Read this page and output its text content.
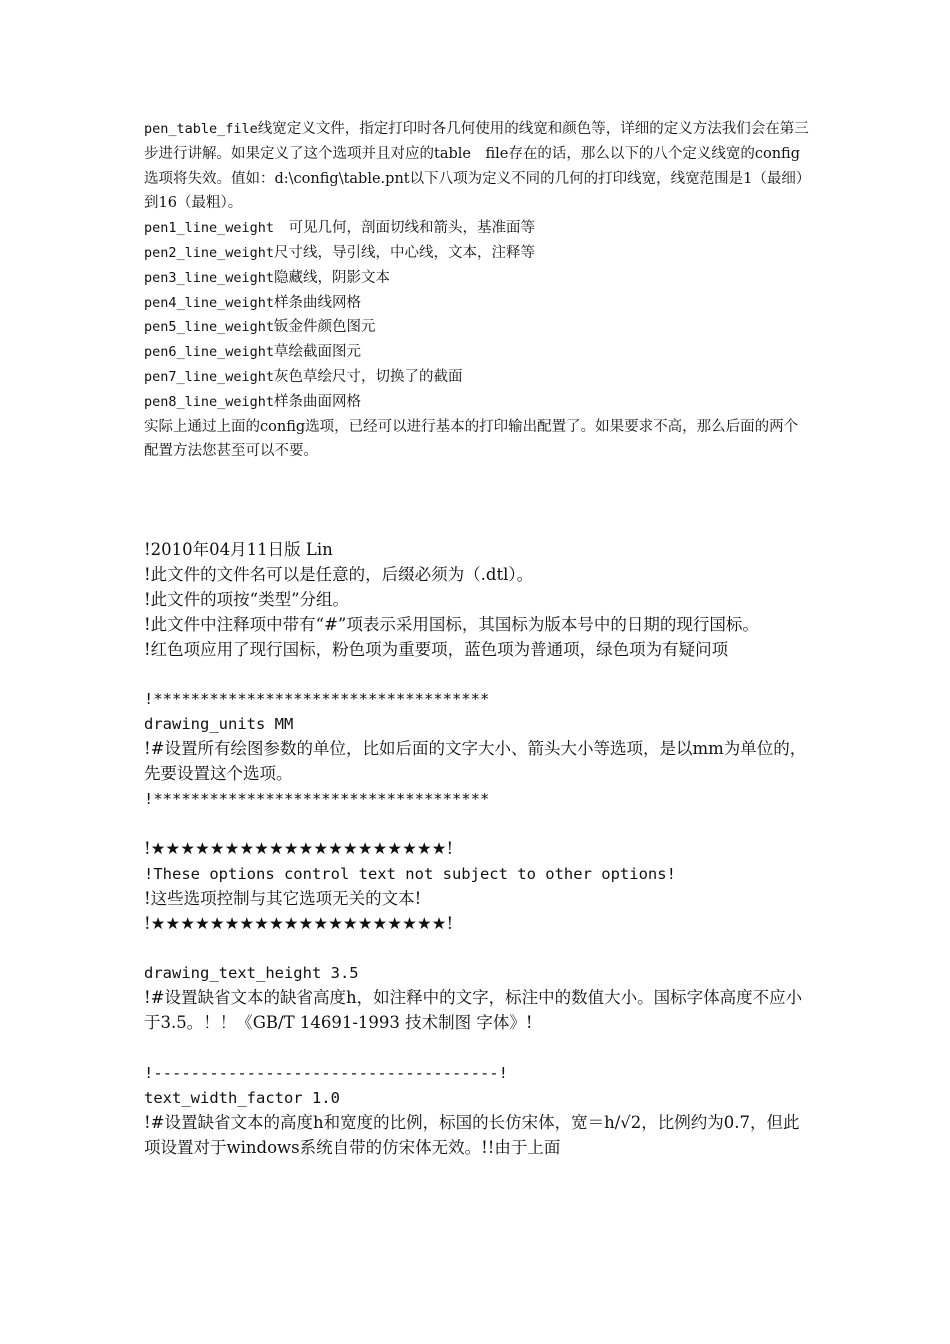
pen_table_file线宽定义文件，指定打印时各几何使用的线宽和颜色等，详细的定义方法我们会在第三步进行讲解。如果定义了这个选项并且对应的table　file存在的话，那么以下的八个定义线宽的config选项将失效。值如：d:\config\table.pnt以下八项为定义不同的几何的打印线宽，线宽范围是1（最细）到16（最粗）。
pen1_line_weight　可见几何，剖面切线和箭头，基准面等
pen2_line_weight尺寸线，导引线，中心线，文本，注释等
pen3_line_weight隐藏线，阴影文本
pen4_line_weight样条曲线网格
pen5_line_weight钣金件颜色图元
pen6_line_weight草绘截面图元
pen7_line_weight灰色草绘尺寸，切换了的截面
pen8_line_weight样条曲面网格
实际上通过上面的config选项，已经可以进行基本的打印输出配置了。如果要求不高，那么后面的两个配置方法您甚至可以不要。

!2010年04月11日版 Lin

!此文件的文件名可以是任意的，后缀必须为（.dtl）。

!此文件的项按“类型”分组。

!此文件中注释项中带有“#”项表示采用国标，其国标为版本号中的日期的现行国标。

!红色项应用了现行国标，粉色项为重要项，蓝色项为普通项，绿色项为有疑问项

!************************************

drawing_units MM

!#设置所有绘图参数的单位，比如后面的文字大小、箭头大小等选项，是以mm为单位的，先要设置这个选项。

!************************************

!★★★★★★★★★★★★★★★★★★★★!

!These options control text not subject to other options!

!这些选项控制与其它选项无关的文本!

!★★★★★★★★★★★★★★★★★★★★!

drawing_text_height 3.5

!#设置缺省文本的缺省高度h，如注释中的文字，标注中的数值大小。国标字体高度不应小于3.5。！！《GB/T 14691-1993 技术制图 字体》!

!-------------------------------------!

text_width_factor 1.0

!#设置缺省文本的高度h和宽度的比例，标国的长仿宋体，宽＝h/√2，比例约为0.7，但此项设置对于windows系统自带的仿宋体无效。!!由于上面
